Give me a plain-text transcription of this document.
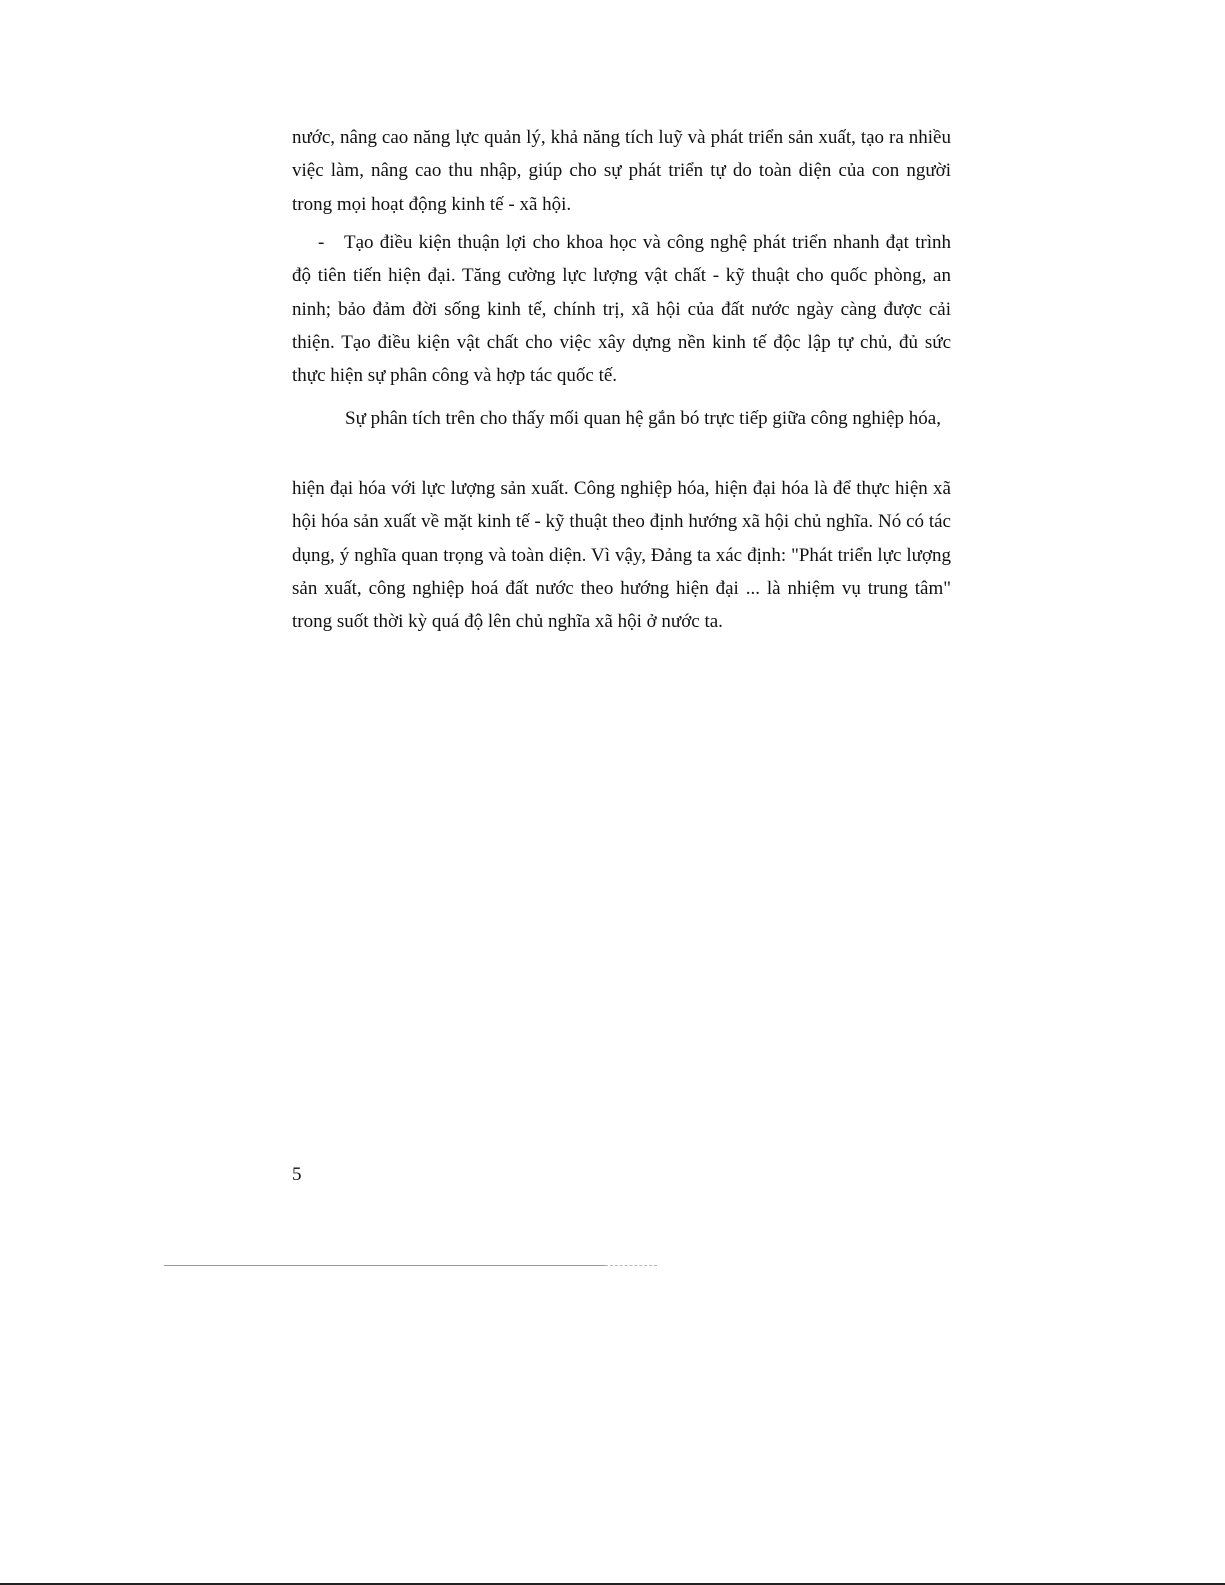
nước, nâng cao năng lực quản lý, khả năng tích luỹ và phát triển sản xuất, tạo ra nhiều việc làm, nâng cao thu nhập, giúp cho sự phát triển tự do toàn diện của con người trong mọi hoạt động kinh tế - xã hội.

-	Tạo điều kiện thuận lợi cho khoa học và công nghệ phát triển nhanh đạt trình
độ tiên tiến hiện đại. Tăng cường lực lượng vật chất - kỹ thuật cho quốc phòng, an ninh; bảo đảm đời sống kinh tế, chính trị, xã hội của đất nước ngày càng được cải thiện. Tạo điều kiện vật chất cho việc xây dựng nền kinh tế độc lập tự chủ, đủ sức thực hiện sự phân công và hợp tác quốc tế.

Sự phân tích trên cho thấy mối quan hệ gắn bó trực tiếp giữa công nghiệp hóa,

hiện đại hóa với lực lượng sản xuất. Công nghiệp hóa, hiện đại hóa là để thực hiện xã hội hóa sản xuất về mặt kinh tế - kỹ thuật theo định hướng xã hội chủ nghĩa. Nó có tác dụng, ý nghĩa quan trọng và toàn diện. Vì vậy, Đảng ta xác định: "Phát triển lực lượng sản xuất, công nghiệp hoá đất nước theo hướng hiện đại ... là nhiệm vụ trung tâm" trong suốt thời kỳ quá độ lên chủ nghĩa xã hội ở nước ta.

5
